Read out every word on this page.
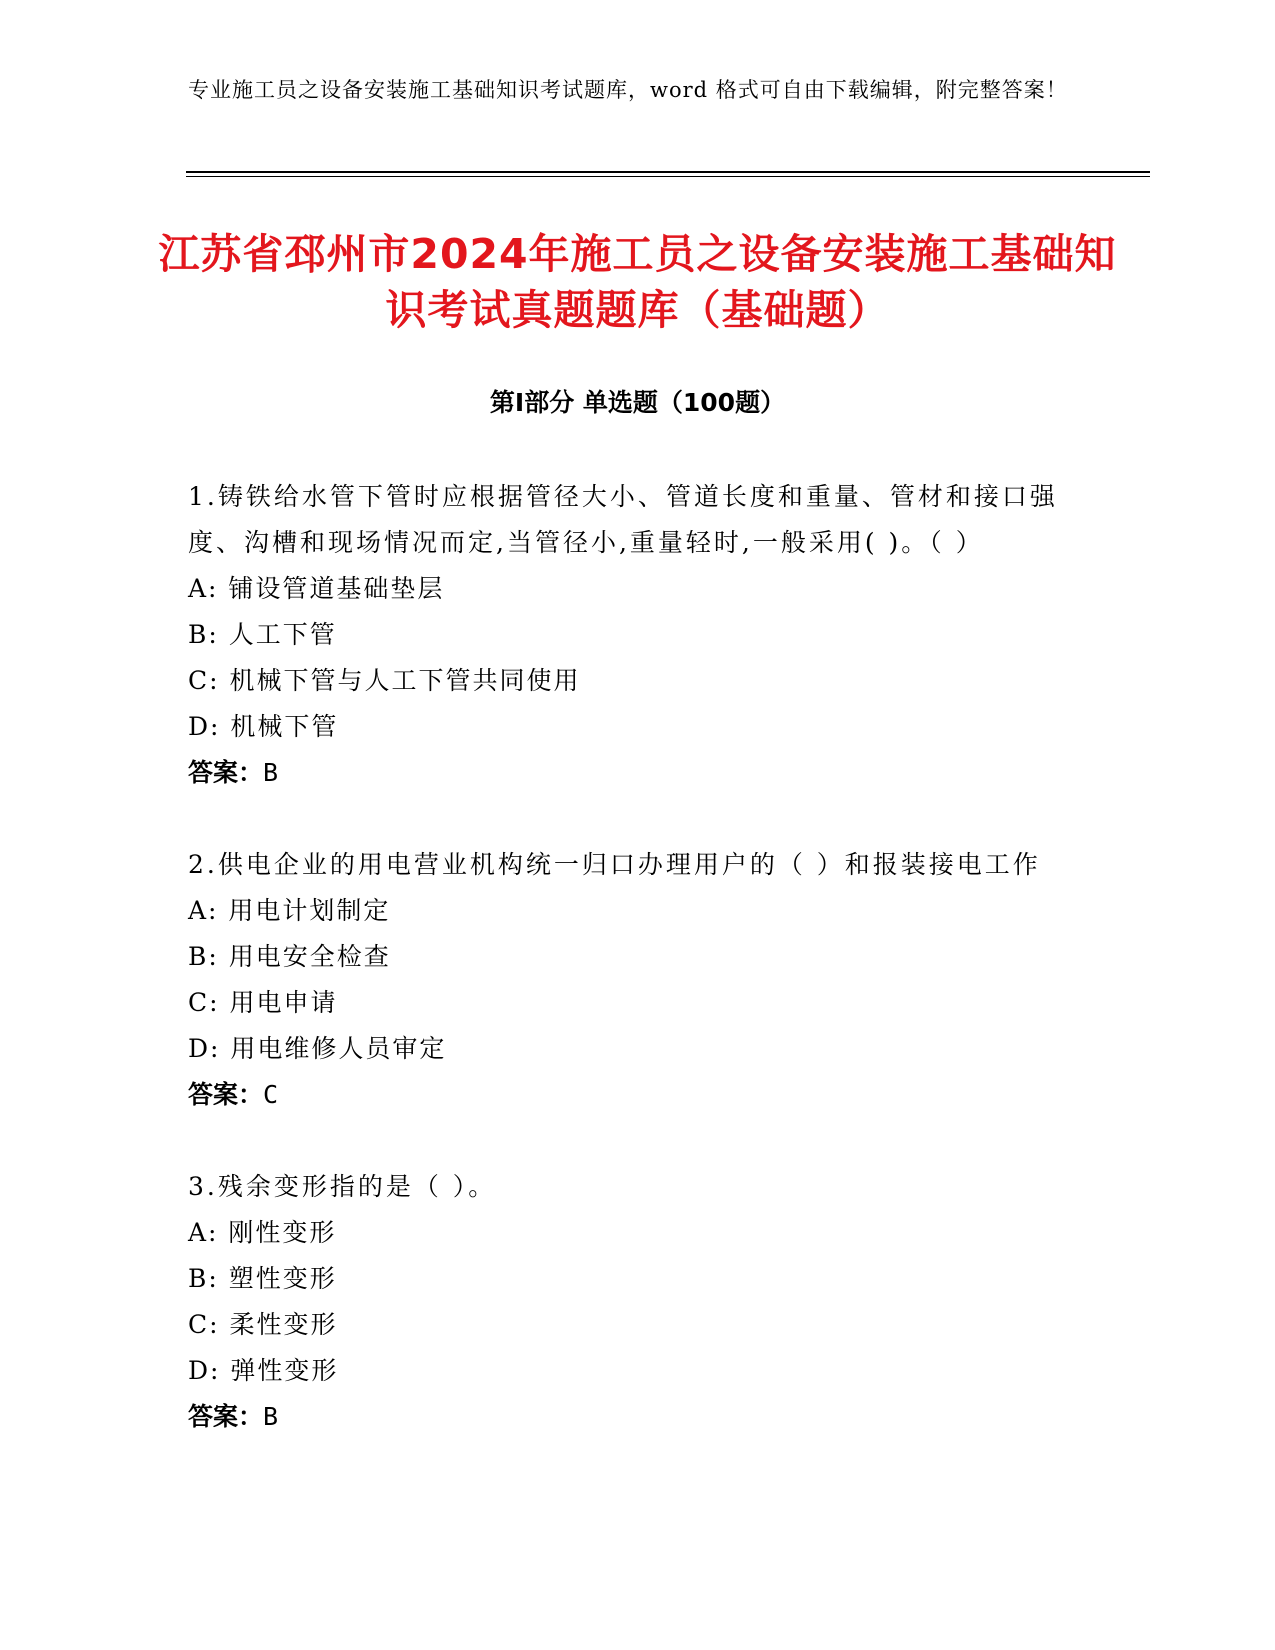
专业施工员之设备安装施工基础知识考试题库，word 格式可自由下载编辑，附完整答案！
江苏省邳州市2024年施工员之设备安装施工基础知识考试真题题库（基础题）
第Ⅰ部分 单选题（100题）
1.铸铁给水管下管时应根据管径大小、管道长度和重量、管材和接口强度、沟槽和现场情况而定,当管径小,重量轻时,一般采用( )。（ ）
A: 铺设管道基础垫层
B: 人工下管
C: 机械下管与人工下管共同使用
D: 机械下管
答案：B
2.供电企业的用电营业机构统一归口办理用户的（ ）和报装接电工作
A: 用电计划制定
B: 用电安全检查
C: 用电申请
D: 用电维修人员审定
答案：C
3.残余变形指的是（ ）。
A: 刚性变形
B: 塑性变形
C: 柔性变形
D: 弹性变形
答案：B
